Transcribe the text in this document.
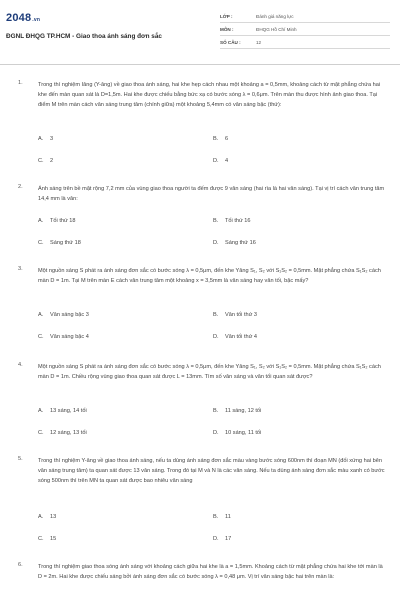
2048.vn
ĐGNL ĐHQG TP.HCM - Giao thoa ánh sáng đơn sắc
LỚP :	Đánh giá năng lực
MÔN :	ĐHQG Hồ Chí Minh
SỐ CÂU :	12
1.	Trong thí nghiệm Iâng (Y-âng) về giao thoa ánh sáng, hai khe hẹp cách nhau một khoảng a = 0,5mm, khoảng cách từ mặt phẳng chứa hai khe đến màn quan sát là D=1,5m. Hai khe được chiếu bằng bức xạ có bước sóng λ = 0,6μm. Trên màn thu được hình ảnh giao thoa. Tại điểm M trên màn cách vân sáng trung tâm (chính giữa) một khoảng 5,4mm có vân sáng bậc (thứ):
A. 3	B. 6
C. 2	D. 4
2.	Ánh sáng trên bề mặt rộng 7,2 mm của vùng giao thoa người ta đếm được 9 vân sáng (hai rìa là hai vân sáng). Tại vị trí cách vân trung tâm 14,4 mm là vân:
A. Tối thứ 18	B. Tối thứ 16
C. Sáng thứ 18	D. Sáng thứ 16
3.	Một nguồn sáng S phát ra ánh sáng đơn sắc có bước sóng λ = 0,5μm, đến khe Yâng S₁, S₂ với S₁S₂ = 0,5mm. Mặt phẳng chứa S₁S₂ cách màn D = 1m. Tại M trên màn E cách vân trung tâm một khoảng x = 3,5mm là vân sáng hay vân tối, bậc mấy?
A. Vân sáng bậc 3	B. Vân tối thứ 3
C. Vân sáng bậc 4	D. Vân tối thứ 4
4.	Một nguồn sáng S phát ra ánh sáng đơn sắc có bước sóng λ = 0,5μm, đến khe Yâng S₁, S₂ với S₁S₂ = 0,5mm. Mặt phẳng chứa S₁S₂ cách màn D = 1m. Chiều rộng vùng giao thoa quan sát được L = 13mm. Tìm số vân sáng và vân tối quan sát được?
A. 13 sáng, 14 tối	B. 11 sáng, 12 tối
C. 12 sáng, 13 tối	D. 10 sáng, 11 tối
5.	Trong thí nghiệm Y-âng về giao thoa ánh sáng, nếu ta dùng ánh sáng đơn sắc màu vàng bước sóng 600nm thì đoạn MN (đối xứng hai bên vân sáng trung tâm) ta quan sát được 13 vân sáng. Trong đó tại M và N là các vân sáng. Nếu ta dùng ánh sáng đơn sắc màu xanh có bước sóng 500nm thì trên MN ta quan sát được bao nhiêu vân sáng
A. 13	B. 11
C. 15	D. 17
6.	Trong thí nghiệm giao thoa sóng ánh sáng với khoảng cách giữa hai khe là a = 1,5mm. Khoảng cách từ mặt phẳng chứa hai khe tới màn là D = 2m. Hai khe được chiếu sáng bởi ánh sáng đơn sắc có bước sóng λ = 0,48 μm. Vị trí vân sáng bậc hai trên màn là:
